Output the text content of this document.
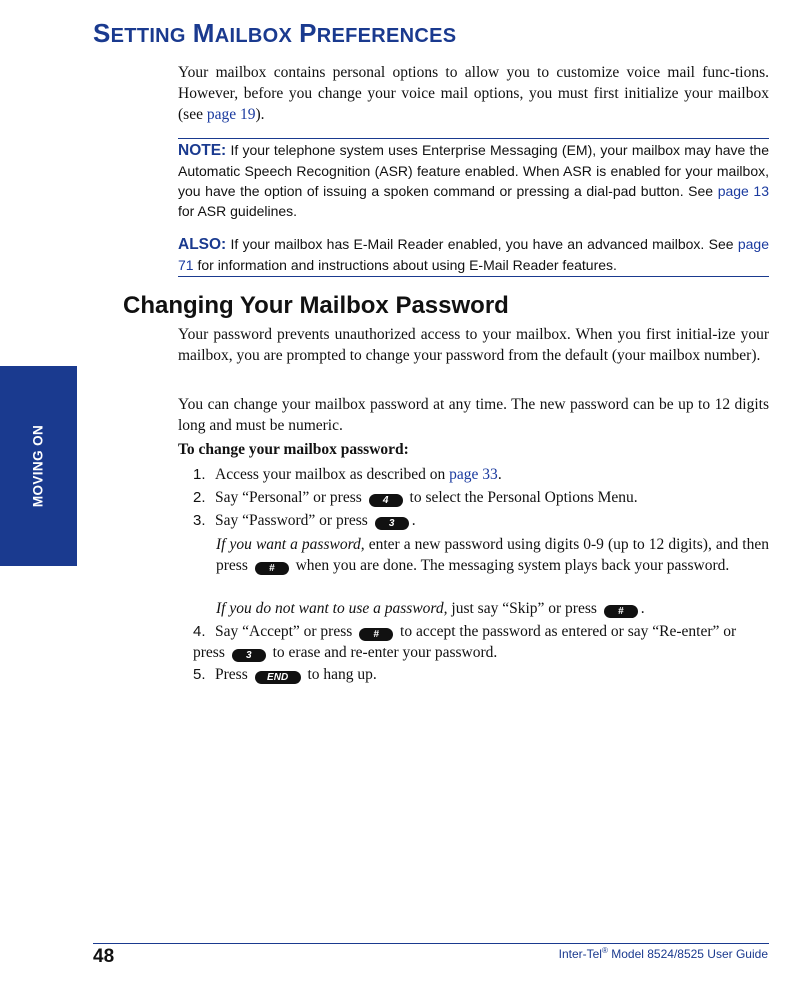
SETTING MAILBOX PREFERENCES

Your mailbox contains personal options to allow you to customize voice mail func-tions. However, before you change your voice mail options, you must first initialize your mailbox (see page 19).

NOTE: If your telephone system uses Enterprise Messaging (EM), your mailbox may have the Automatic Speech Recognition (ASR) feature enabled. When ASR is enabled for your mailbox, you have the option of issuing a spoken command or pressing a dial-pad button. See page 13 for ASR guidelines.

ALSO: If your mailbox has E-Mail Reader enabled, you have an advanced mailbox. See page 71 for information and instructions about using E-Mail Reader features.

Changing Your Mailbox Password
MOVING ON

Your password prevents unauthorized access to your mailbox. When you first initial-ize your mailbox, you are prompted to change your password from the default (your mailbox number).

You can change your mailbox password at any time. The new password can be up to 12 digits long and must be numeric.

To change your mailbox password:

1. Access your mailbox as described on page 33.
2. Say “Personal” or press 4 to select the Personal Options Menu.
3. Say “Password” or press 3 .

If you want a password, enter a new password using digits 0-9 (up to 12 digits), and then press # when you are done. The messaging system plays back your password.

If you do not want to use a password, just say “Skip” or press # .

4. Say “Accept” or press # to accept the password as entered or say “Re-enter” or press 3 to erase and re-enter your password.
5. Press END to hang up.
48	Inter-Tel® Model 8524/8525 User Guide
